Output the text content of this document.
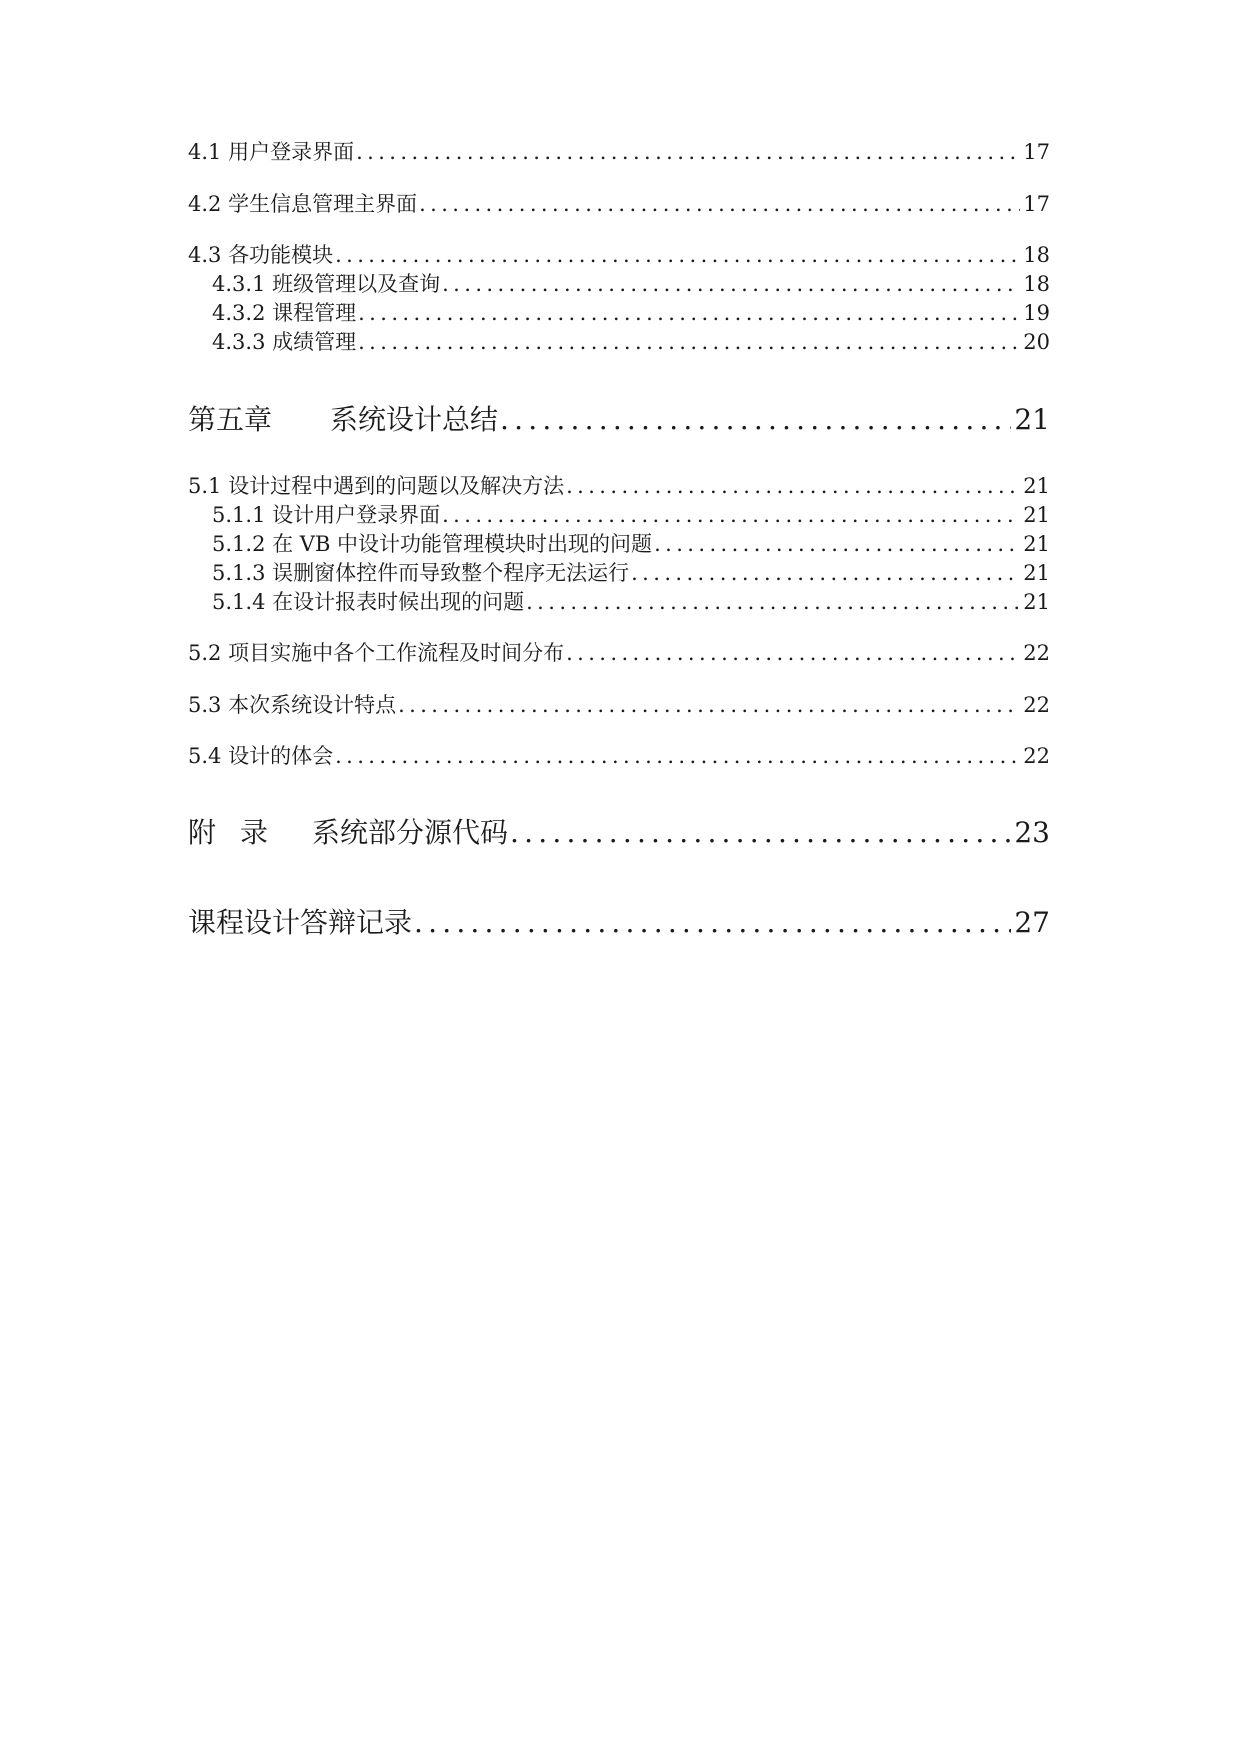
4.1 用户登录界面 .....	17
4.2 学生信息管理主界面 .....	17
4.3 各功能模块 .....	18
4.3.1 班级管理以及查询 .....	18
4.3.2 课程管理 .....	19
4.3.3 成绩管理 .....	20
第五章 系统设计总结 .....	21
5.1 设计过程中遇到的问题以及解决方法 .....	21
5.1.1 设计用户登录界面 .....	21
5.1.2 在 VB 中设计功能管理模块时出现的问题 .....	21
5.1.3 误删窗体控件而导致整个程序无法运行 .....	21
5.1.4 在设计报表时候出现的问题 .....	21
5.2 项目实施中各个工作流程及时间分布 .....	22
5.3 本次系统设计特点 .....	22
5.4 设计的体会 .....	22
附 录 系统部分源代码 .....	23
课程设计答辩记录 .....	27
